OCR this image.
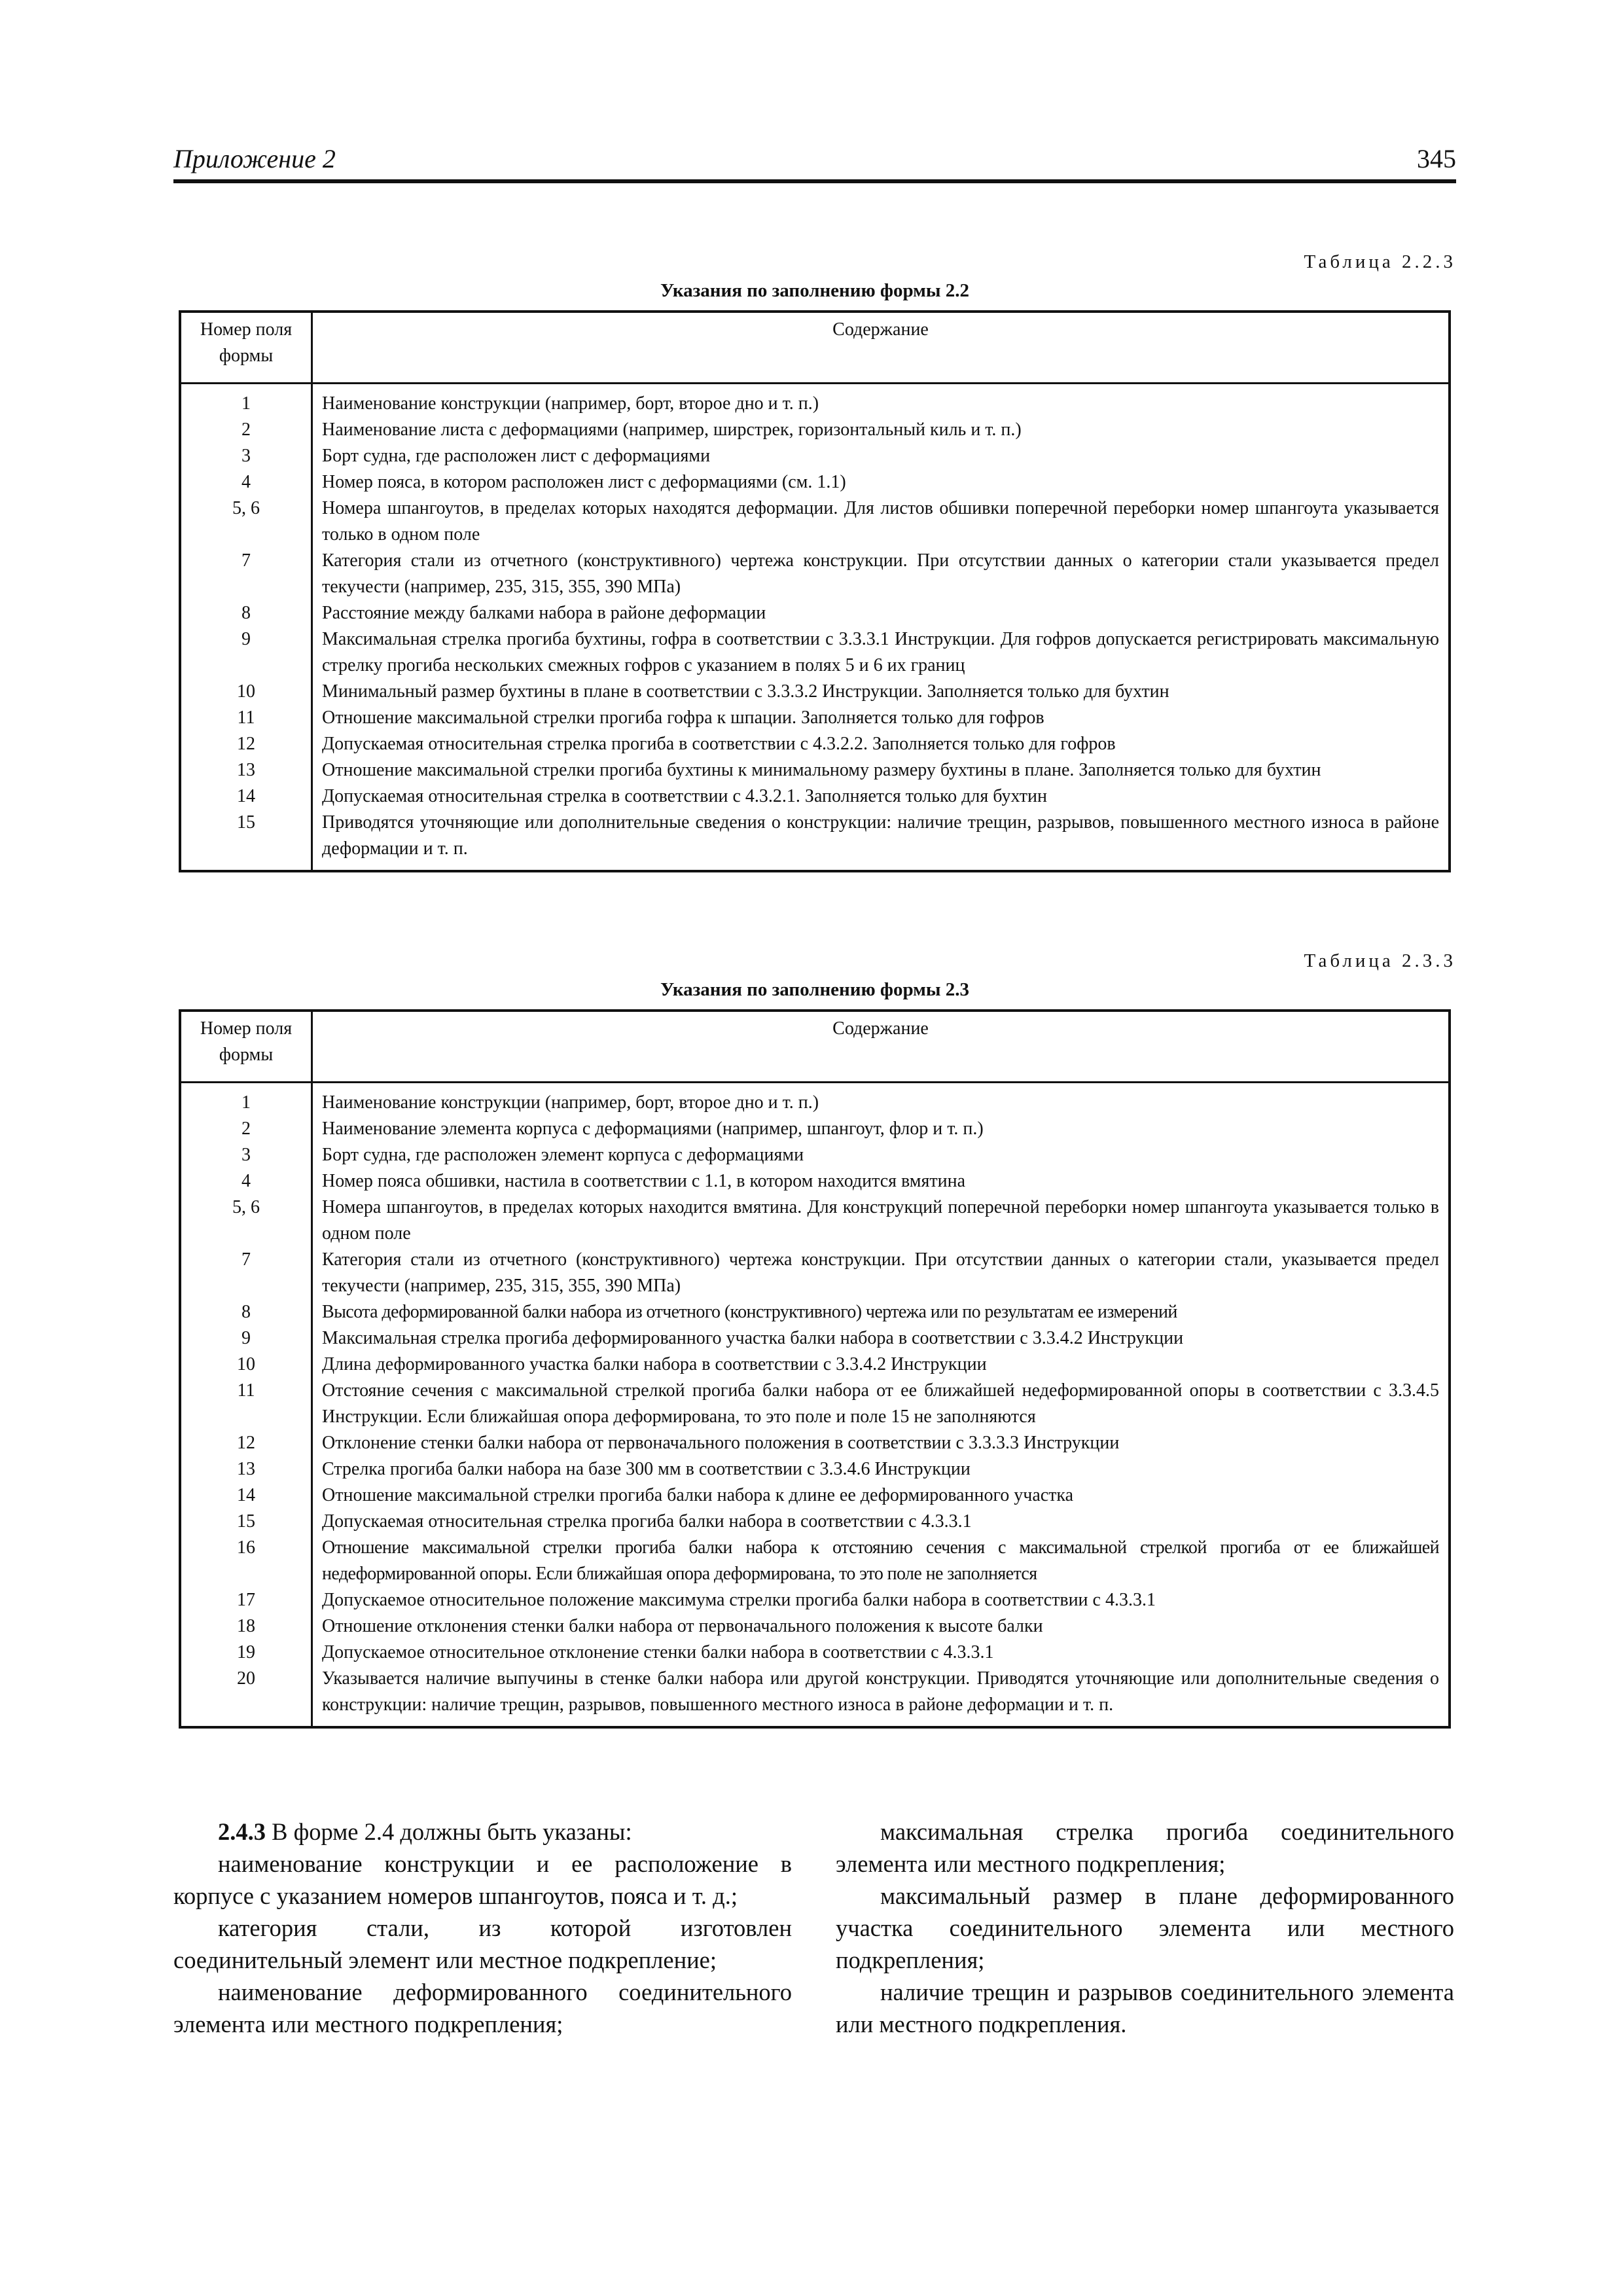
Приложение 2	345
Таблица 2.2.3
Указания по заполнению формы 2.2
Номер поля формы	Содержание
1	Наименование конструкции (например, борт, второе дно и т. п.)
2	Наименование листа с деформациями (например, ширстрек, горизонтальный киль и т. п.)
3	Борт судна, где расположен лист с деформациями
4	Номер пояса, в котором расположен лист с деформациями (см. 1.1)
5, 6	Номера шпангоутов, в пределах которых находятся деформации. Для листов обшивки поперечной переборки номер шпангоута указывается только в одном поле
7	Категория стали из отчетного (конструктивного) чертежа конструкции. При отсутствии данных о категории стали указывается предел текучести (например, 235, 315, 355, 390 МПа)
8	Расстояние между балками набора в районе деформации
9	Максимальная стрелка прогиба бухтины, гофра в соответствии с 3.3.3.1 Инструкции. Для гофров допускается регистрировать максимальную стрелку прогиба нескольких смежных гофров с указанием в полях 5 и 6 их границ
10	Минимальный размер бухтины в плане в соответствии с 3.3.3.2 Инструкции. Заполняется только для бухтин
11	Отношение максимальной стрелки прогиба гофра к шпации. Заполняется только для гофров
12	Допускаемая относительная стрелка прогиба в соответствии с 4.3.2.2. Заполняется только для гофров
13	Отношение максимальной стрелки прогиба бухтины к минимальному размеру бухтины в плане. Заполняется только для бухтин
14	Допускаемая относительная стрелка в соответствии с 4.3.2.1. Заполняется только для бухтин
15	Приводятся уточняющие или дополнительные сведения о конструкции: наличие трещин, разрывов, повышенного местного износа в районе деформации и т. п.
Таблица 2.3.3
Указания по заполнению формы 2.3
Номер поля формы	Содержание
1	Наименование конструкции (например, борт, второе дно и т. п.)
2	Наименование элемента корпуса с деформациями (например, шпангоут, флор и т. п.)
3	Борт судна, где расположен элемент корпуса с деформациями
4	Номер пояса обшивки, настила в соответствии с 1.1, в котором находится вмятина
5, 6	Номера шпангоутов, в пределах которых находится вмятина. Для конструкций поперечной переборки номер шпангоута указывается только в одном поле
7	Категория стали из отчетного (конструктивного) чертежа конструкции. При отсутствии данных о категории стали, указывается предел текучести (например, 235, 315, 355, 390 МПа)
8	Высота деформированной балки набора из отчетного (конструктивного) чертежа или по результатам ее измерений
9	Максимальная стрелка прогиба деформированного участка балки набора в соответствии с 3.3.4.2 Инструкции
10	Длина деформированного участка балки набора в соответствии с 3.3.4.2 Инструкции
11	Отстояние сечения с максимальной стрелкой прогиба балки набора от ее ближайшей недеформированной опоры в соответствии с 3.3.4.5 Инструкции. Если ближайшая опора деформирована, то это поле и поле 15 не заполняются
12	Отклонение стенки балки набора от первоначального положения в соответствии с 3.3.3.3 Инструкции
13	Стрелка прогиба балки набора на базе 300 мм в соответствии с 3.3.4.6 Инструкции
14	Отношение максимальной стрелки прогиба балки набора к длине ее деформированного участка
15	Допускаемая относительная стрелка прогиба балки набора в соответствии с 4.3.3.1
16	Отношение максимальной стрелки прогиба балки набора к отстоянию сечения с максимальной стрелкой прогиба от ее ближайшей недеформированной опоры. Если ближайшая опора деформирована, то это поле не заполняется
17	Допускаемое относительное положение максимума стрелки прогиба балки набора в соответствии с 4.3.3.1
18	Отношение отклонения стенки балки набора от первоначального положения к высоте балки
19	Допускаемое относительное отклонение стенки балки набора в соответствии с 4.3.3.1
20	Указывается наличие выпучины в стенке балки набора или другой конструкции. Приводятся уточняющие или дополнительные сведения о конструкции: наличие трещин, разрывов, повышенного местного износа в районе деформации и т. п.

2.4.3 В форме 2.4 должны быть указаны:

наименование конструкции и ее расположение в корпусе с указанием номеров шпангоутов, пояса и т. д.;

категория стали, из которой изготовлен соединительный элемент или местное подкрепление;

наименование деформированного соединительного элемента или местного подкрепления;

максимальная стрелка прогиба соединительного элемента или местного подкрепления;

максимальный размер в плане деформированного участка соединительного элемента или местного подкрепления;

наличие трещин и разрывов соединительного элемента или местного подкрепления.
